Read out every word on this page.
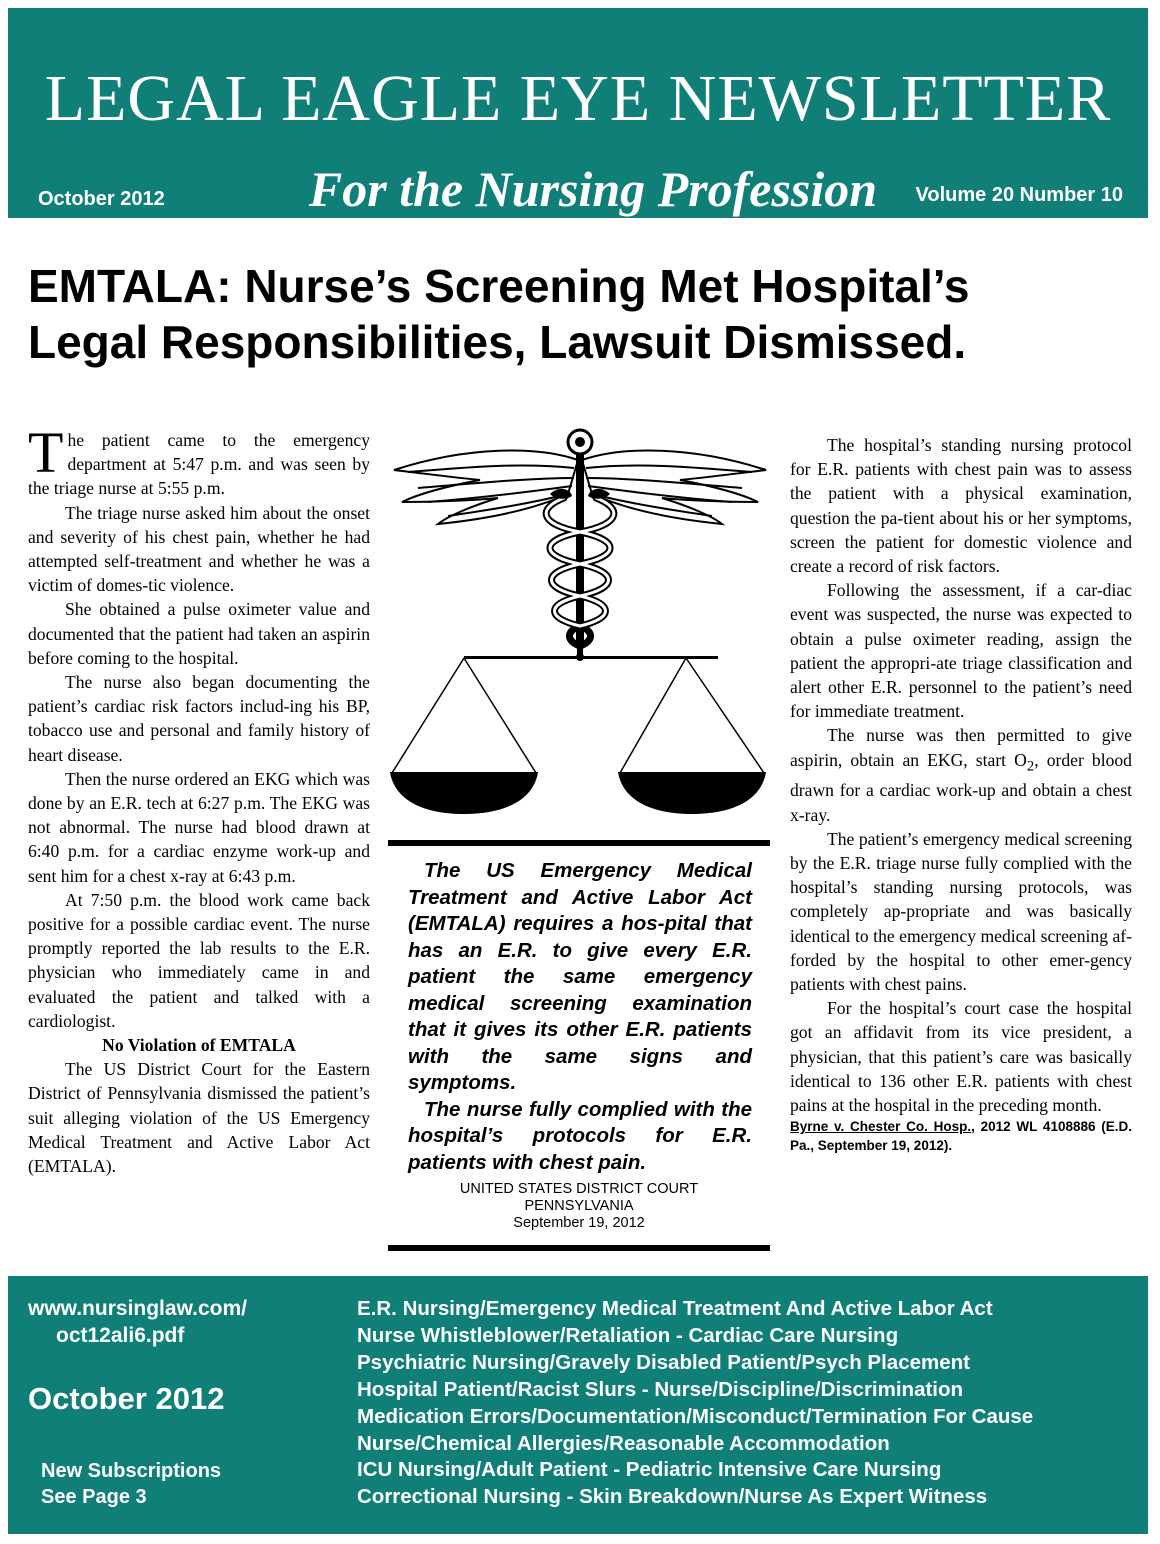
LEGAL EAGLE EYE NEWSLETTER
For the Nursing Profession
October 2012	Volume 20 Number 10
EMTALA: Nurse’s Screening Met Hospital’s
Legal Responsibilities, Lawsuit Dismissed.

The patient came to the emergency department at 5:47 p.m. and was seen by the triage nurse at 5:55 p.m.

The triage nurse asked him about the onset and severity of his chest pain, whether he had attempted self-treatment and whether he was a victim of domes-tic violence.

She obtained a pulse oximeter value and documented that the patient had taken an aspirin before coming to the hospital.

The nurse also began documenting the patient’s cardiac risk factors includ-ing his BP, tobacco use and personal and family history of heart disease.

Then the nurse ordered an EKG which was done by an E.R. tech at 6:27 p.m. The EKG was not abnormal. The nurse had blood drawn at 6:40 p.m. for a cardiac enzyme work-up and sent him for a chest x-ray at 6:43 p.m.

At 7:50 p.m. the blood work came back positive for a possible cardiac event. The nurse promptly reported the lab results to the E.R. physician who immediately came in and evaluated the patient and talked with a cardiologist.

No Violation of EMTALA

The US District Court for the Eastern District of Pennsylvania dismissed the patient’s suit alleging violation of the US Emergency Medical Treatment and Active Labor Act (EMTALA).

The US Emergency Medical Treatment and Active Labor Act (EMTALA) requires a hos-pital that has an E.R. to give every E.R. patient the same emergency medical screening examination that it gives its other E.R. patients with the same signs and symptoms.

The nurse fully complied with the hospital’s protocols for E.R. patients with chest pain.

UNITED STATES DISTRICT COURT
PENNSYLVANIA
September 19, 2012

The hospital’s standing nursing protocol for E.R. patients with chest pain was to assess the patient with a physical examination, question the pa-tient about his or her symptoms, screen the patient for domestic violence and create a record of risk factors.

Following the assessment, if a car-diac event was suspected, the nurse was expected to obtain a pulse oximeter reading, assign the patient the appropri-ate triage classification and alert other E.R. personnel to the patient’s need for immediate treatment.

The nurse was then permitted to give aspirin, obtain an EKG, start $O_2$, order blood drawn for a cardiac work-up and obtain a chest x-ray.

The patient’s emergency medical screening by the E.R. triage nurse fully complied with the hospital’s standing nursing protocols, was completely ap-propriate and was basically identical to the emergency medical screening af-forded by the hospital to other emer-gency patients with chest pains.

For the hospital’s court case the hospital got an affidavit from its vice president, a physician, that this patient’s care was basically identical to 136 other E.R. patients with chest pains at the hospital in the preceding month.

Byrne v. Chester Co. Hosp., 2012 WL 4108886 (E.D. Pa., September 19, 2012).

www.nursinglaw.com/
oct12ali6.pdf
October 2012
New Subscriptions
See Page 3
E.R. Nursing/Emergency Medical Treatment And Active Labor Act
Nurse Whistleblower/Retaliation - Cardiac Care Nursing
Psychiatric Nursing/Gravely Disabled Patient/Psych Placement
Hospital Patient/Racist Slurs - Nurse/Discipline/Discrimination
Medication Errors/Documentation/Misconduct/Termination For Cause
Nurse/Chemical Allergies/Reasonable Accommodation
ICU Nursing/Adult Patient - Pediatric Intensive Care Nursing
Correctional Nursing - Skin Breakdown/Nurse As Expert Witness
